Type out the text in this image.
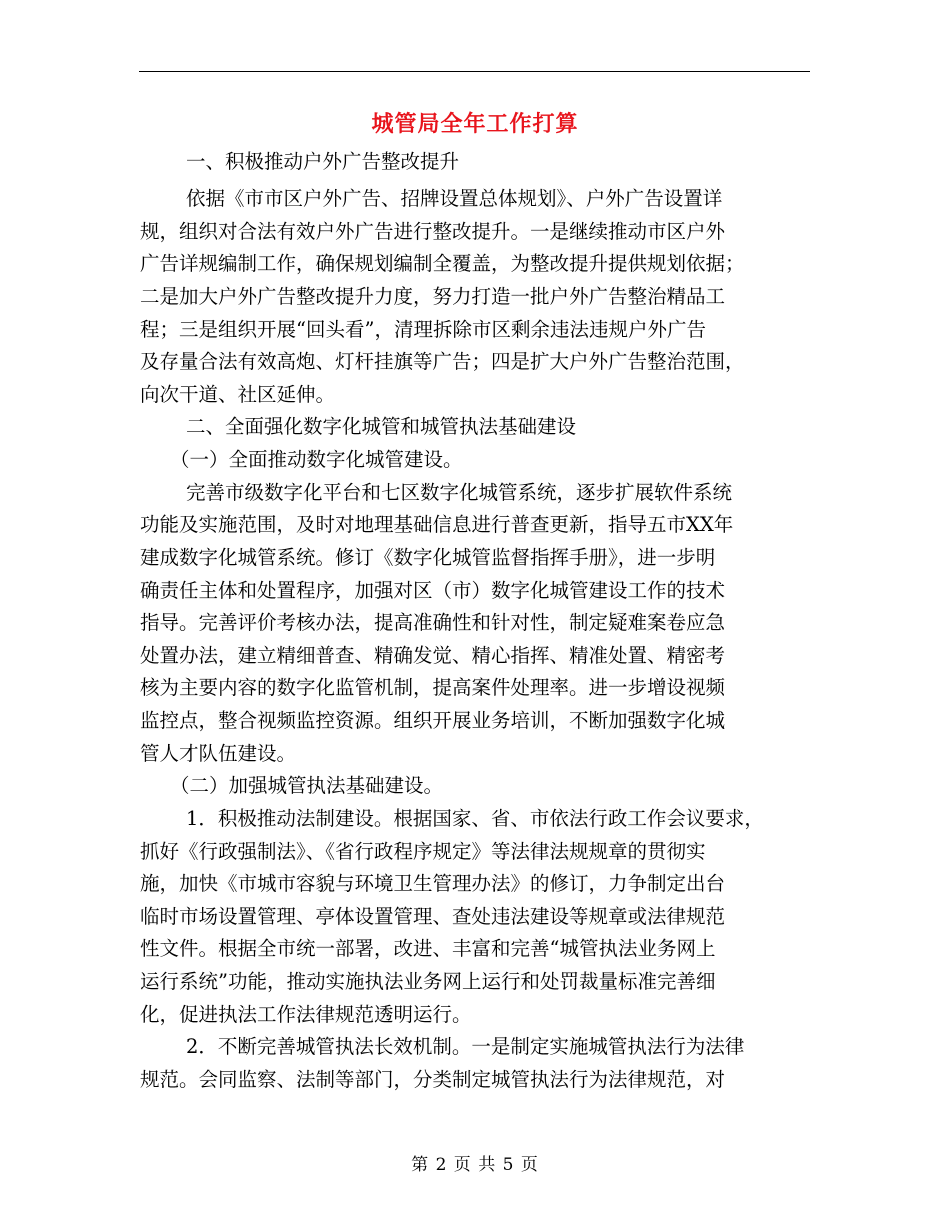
城管局全年工作打算
一、积极推动户外广告整改提升
依据《市市区户外广告、招牌设置总体规划》、户外广告设置详
规，组织对合法有效户外广告进行整改提升。一是继续推动市区户外
广告详规编制工作，确保规划编制全覆盖，为整改提升提供规划依据；
二是加大户外广告整改提升力度，努力打造一批户外广告整治精品工
程；三是组织开展“回头看”，清理拆除市区剩余违法违规户外广告
及存量合法有效高炮、灯杆挂旗等广告；四是扩大户外广告整治范围，
向次干道、社区延伸。
二、全面强化数字化城管和城管执法基础建设
（一）全面推动数字化城管建设。
完善市级数字化平台和七区数字化城管系统，逐步扩展软件系统
功能及实施范围，及时对地理基础信息进行普查更新，指导五市XX年
建成数字化城管系统。修订《数字化城管监督指挥手册》，进一步明
确责任主体和处置程序，加强对区（市）数字化城管建设工作的技术
指导。完善评价考核办法，提高准确性和针对性，制定疑难案卷应急
处置办法，建立精细普查、精确发觉、精心指挥、精准处置、精密考
核为主要内容的数字化监管机制，提高案件处理率。进一步增设视频
监控点，整合视频监控资源。组织开展业务培训，不断加强数字化城
管人才队伍建设。
（二）加强城管执法基础建设。
1．积极推动法制建设。根据国家、省、市依法行政工作会议要求，
抓好《行政强制法》、《省行政程序规定》等法律法规规章的贯彻实
施，加快《市城市容貌与环境卫生管理办法》的修订，力争制定出台
临时市场设置管理、亭体设置管理、查处违法建设等规章或法律规范
性文件。根据全市统一部署，改进、丰富和完善“城管执法业务网上
运行系统”功能，推动实施执法业务网上运行和处罚裁量标准完善细
化，促进执法工作法律规范透明运行。
2．不断完善城管执法长效机制。一是制定实施城管执法行为法律
规范。会同监察、法制等部门，分类制定城管执法行为法律规范，对
第 2 页 共 5 页
